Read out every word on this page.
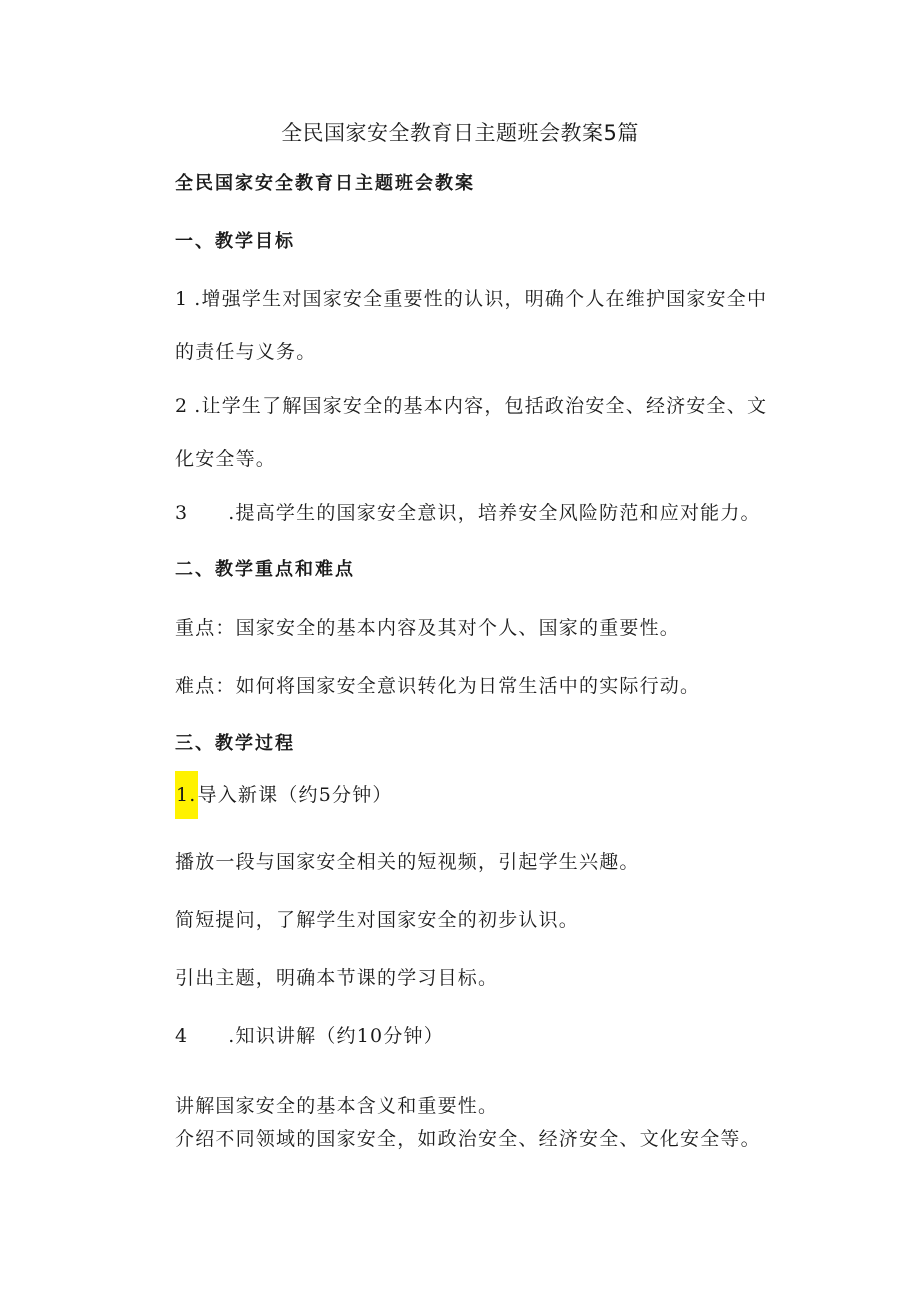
全民国家安全教育日主题班会教案5篇
全民国家安全教育日主题班会教案
一、教学目标
1 .增强学生对国家安全重要性的认识，明确个人在维护国家安全中
的责任与义务。
2 .让学生了解国家安全的基本内容，包括政治安全、经济安全、文
化安全等。
3 .提高学生的国家安全意识，培养安全风险防范和应对能力。
二、教学重点和难点
重点：国家安全的基本内容及其对个人、国家的重要性。
难点：如何将国家安全意识转化为日常生活中的实际行动。
三、教学过程
1.导入新课（约5分钟）
播放一段与国家安全相关的短视频，引起学生兴趣。
简短提问，了解学生对国家安全的初步认识。
引出主题，明确本节课的学习目标。
4 .知识讲解（约10分钟）
讲解国家安全的基本含义和重要性。
介绍不同领域的国家安全，如政治安全、经济安全、文化安全等。
